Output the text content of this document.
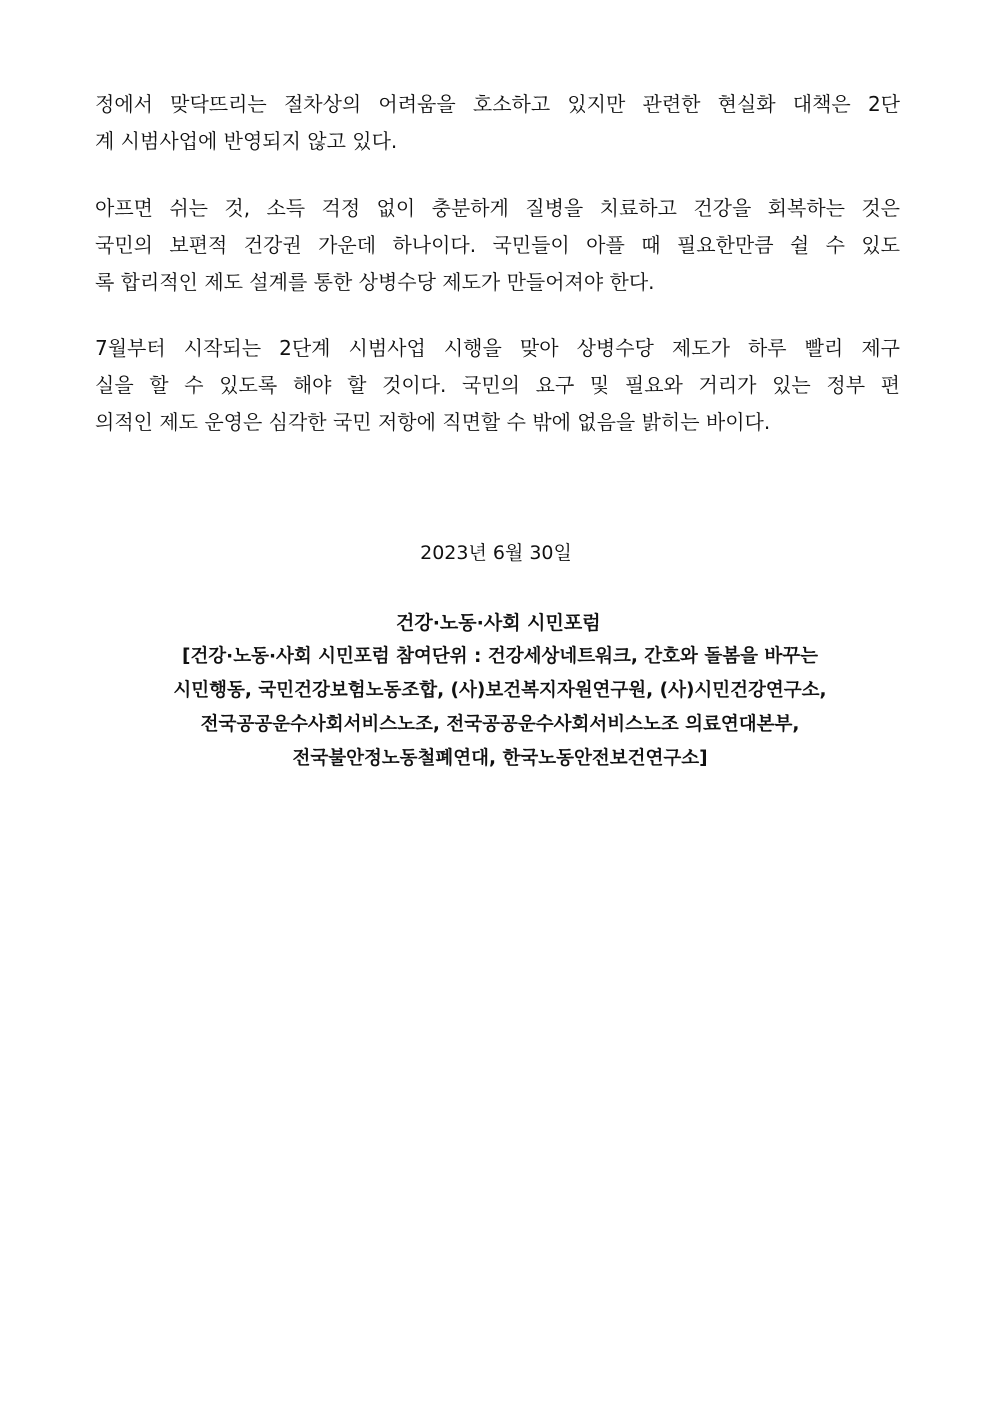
정에서 맞닥뜨리는 절차상의 어려움을 호소하고 있지만 관련한 현실화 대책은 2단
계 시범사업에 반영되지 않고 있다.
아프면 쉬는 것, 소득 걱정 없이 충분하게 질병을 치료하고 건강을 회복하는 것은
국민의 보편적 건강권 가운데 하나이다. 국민들이 아플 때 필요한만큼 쉴 수 있도
록 합리적인 제도 설계를 통한 상병수당 제도가 만들어져야 한다.
7월부터 시작되는 2단계 시범사업 시행을 맞아 상병수당 제도가 하루 빨리 제구
실을 할 수 있도록 해야 할 것이다. 국민의 요구 및 필요와 거리가 있는 정부 편
의적인 제도 운영은 심각한 국민 저항에 직면할 수 밖에 없음을 밝히는 바이다.
2023년 6월 30일
건강·노동·사회 시민포럼
[건강·노동·사회 시민포럼 참여단위 : 건강세상네트워크, 간호와 돌봄을 바꾸는
시민행동, 국민건강보험노동조합, (사)보건복지자원연구원, (사)시민건강연구소,
전국공공운수사회서비스노조, 전국공공운수사회서비스노조 의료연대본부,
전국불안정노동철폐연대, 한국노동안전보건연구소]
